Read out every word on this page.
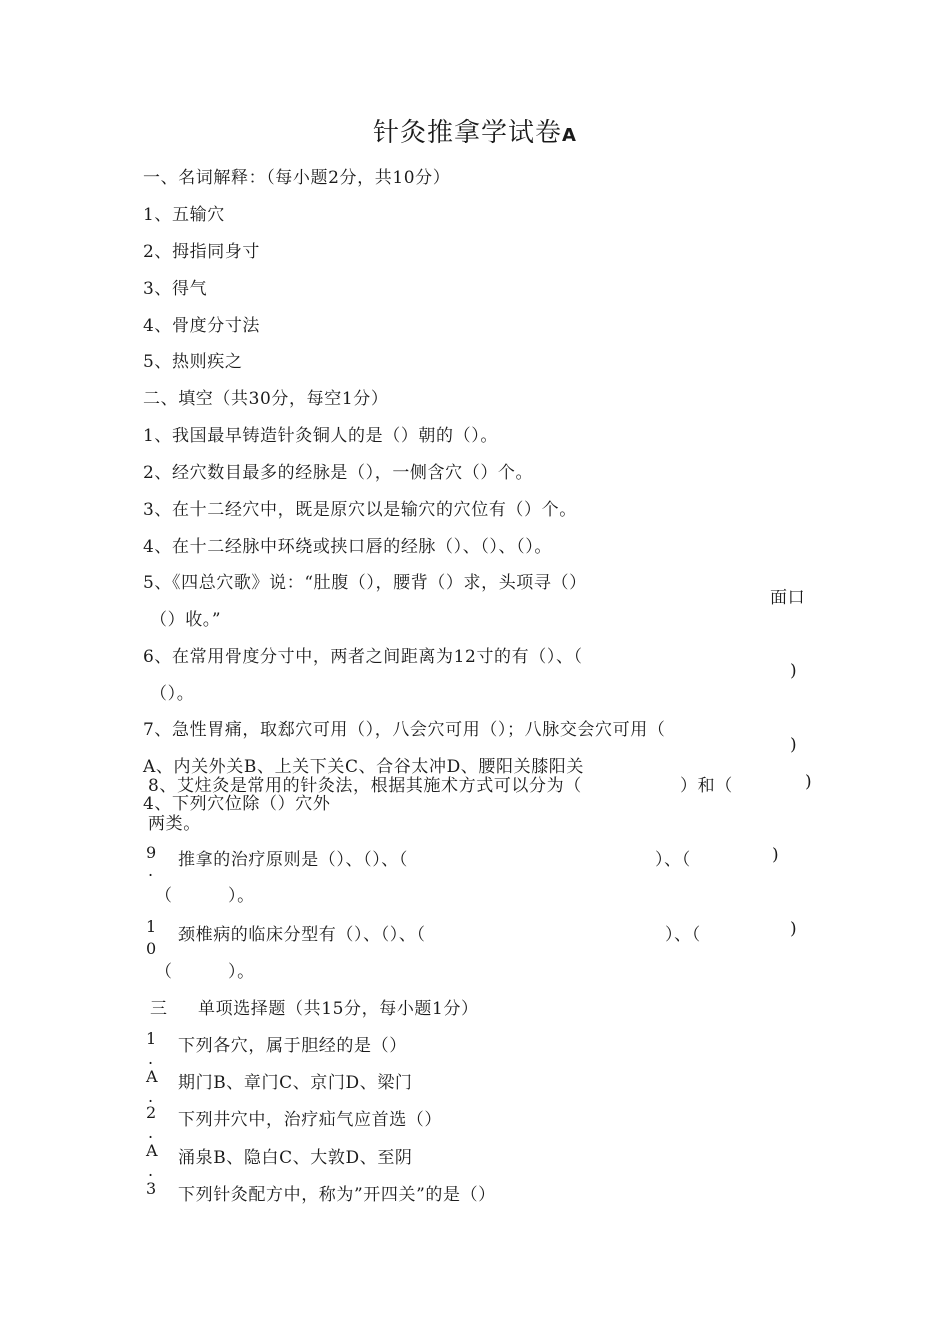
针灸推拿学试卷A
一、名词解释：（每小题2分，共10分）
1、五输穴
2、拇指同身寸
3、得气
4、骨度分寸法
5、热则疾之
二、填空（共30分，每空1分）
1、我国最早铸造针灸铜人的是（）朝的（）。
2、经穴数目最多的经脉是（），一侧含穴（）个。
3、在十二经穴中，既是原穴以是输穴的穴位有（）个。
4、在十二经脉中环绕或挟口唇的经脉（）、（）、（）。
5、《四总穴歌》说：“肚腹（），腰背（）求，头项寻（）
面口
（）收。”
6、在常用骨度分寸中，两者之间距离为12寸的有（）、（
)
（）。
7、急性胃痛，取郄穴可用（），八会穴可用（）；八脉交会穴可用（
)
A、内关外关B、上关下关C、合谷太冲D、腰阳关膝阳关
8、艾炷灸是常用的针灸法，根据其施术方式可以分为（	）和（	)
4、下列穴位除（）穴外
两类。
9
.
推拿的治疗原则是（）、（）、（	）、（	)
（	）。
1
0
颈椎病的临床分型有（）、（）、（	）、（	)
（	）。
三 单项选择题（共15分，每小题1分）
1
.
下列各穴，属于胆经的是（）
A
.
期门B、章门C、京门D、梁门
2
.
下列井穴中，治疗疝气应首选（）
A
.
涌泉B、隐白C、大敦D、至阴
3 下列针灸配方中，称为”开四关”的是（）
